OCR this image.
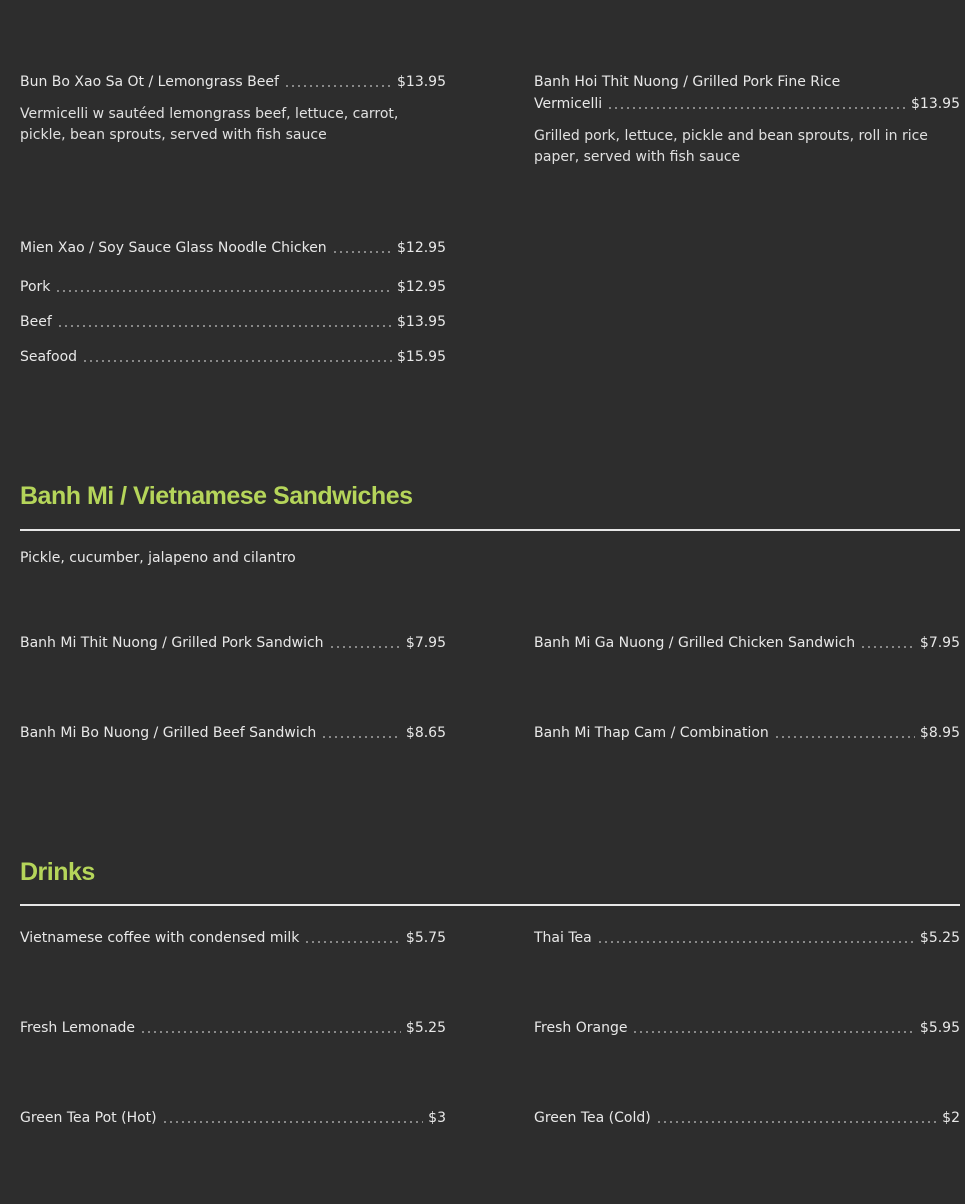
Bun Bo Xao Sa Ot / Lemongrass Beef	$13.95
Vermicelli w sautéed lemongrass beef, lettuce, carrot, pickle, bean sprouts, served with fish sauce
Banh Hoi Thit Nuong / Grilled Pork Fine Rice
Vermicelli	$13.95
Grilled pork, lettuce, pickle and bean sprouts, roll in rice paper, served with fish sauce
Mien Xao / Soy Sauce Glass Noodle Chicken	$12.95
Pork	$12.95
Beef	$13.95
Seafood	$15.95
Banh Mi / Vietnamese Sandwiches
Pickle, cucumber, jalapeno and cilantro
Banh Mi Thit Nuong / Grilled Pork Sandwich	$7.95	Banh Mi Ga Nuong / Grilled Chicken Sandwich	$7.95
Banh Mi Bo Nuong / Grilled Beef Sandwich	$8.65	Banh Mi Thap Cam / Combination	$8.95
Drinks
Vietnamese coffee with condensed milk	$5.75	Thai Tea	$5.25
Fresh Lemonade	$5.25	Fresh Orange	$5.95
Green Tea Pot (Hot)	$3	Green Tea (Cold)	$2
